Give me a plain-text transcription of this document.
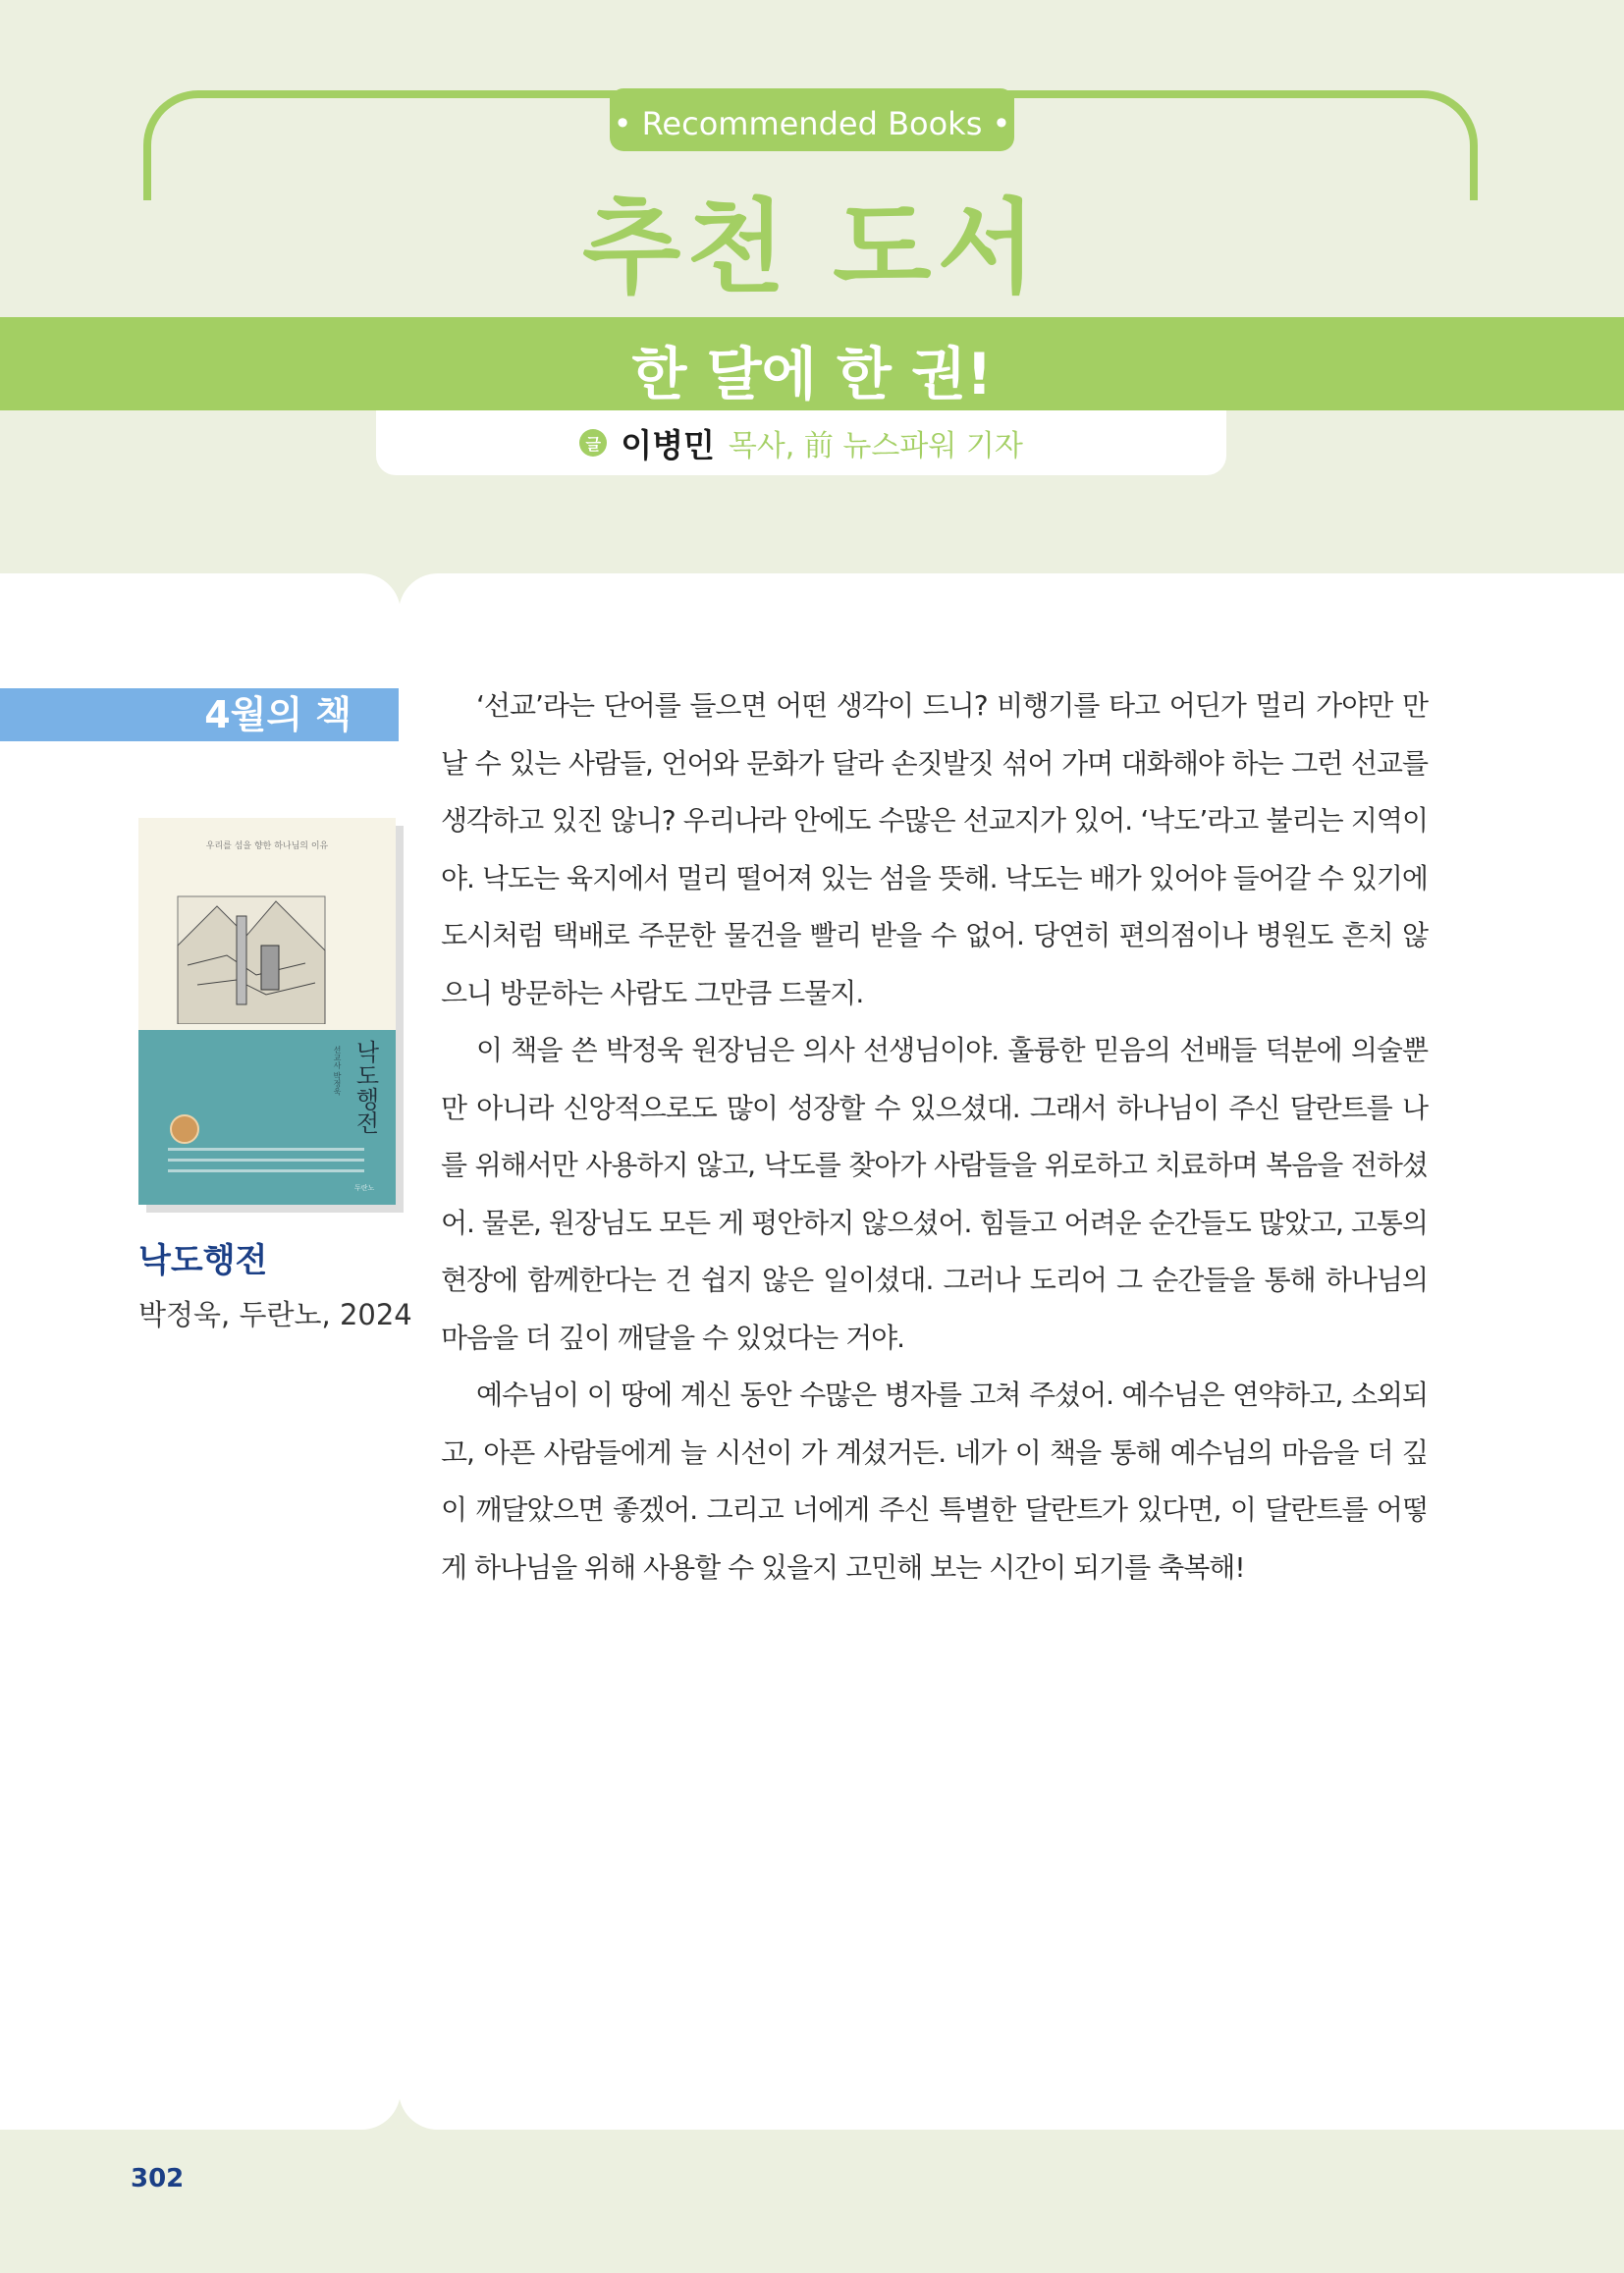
• Recommended Books •
추천 도서
한 달에 한 권!
글 이병민 목사, 前 뉴스파워 기자
4월의 책
우리를 섬을 향한 하나님의 이유
낙도행전
선교사 박정욱
두란노
낙도행전
박정욱, 두란노, 2024

‘선교’라는 단어를 들으면 어떤 생각이 드니? 비행기를 타고 어딘가 멀리 가야만 만날 수 있는 사람들, 언어와 문화가 달라 손짓발짓 섞어 가며 대화해야 하는 그런 선교를 생각하고 있진 않니? 우리나라 안에도 수많은 선교지가 있어. ‘낙도’라고 불리는 지역이야. 낙도는 육지에서 멀리 떨어져 있는 섬을 뜻해. 낙도는 배가 있어야 들어갈 수 있기에 도시처럼 택배로 주문한 물건을 빨리 받을 수 없어. 당연히 편의점이나 병원도 흔치 않으니 방문하는 사람도 그만큼 드물지.

이 책을 쓴 박정욱 원장님은 의사 선생님이야. 훌륭한 믿음의 선배들 덕분에 의술뿐만 아니라 신앙적으로도 많이 성장할 수 있으셨대. 그래서 하나님이 주신 달란트를 나를 위해서만 사용하지 않고, 낙도를 찾아가 사람들을 위로하고 치료하며 복음을 전하셨어. 물론, 원장님도 모든 게 평안하지 않으셨어. 힘들고 어려운 순간들도 많았고, 고통의 현장에 함께한다는 건 쉽지 않은 일이셨대. 그러나 도리어 그 순간들을 통해 하나님의 마음을 더 깊이 깨달을 수 있었다는 거야.

예수님이 이 땅에 계신 동안 수많은 병자를 고쳐 주셨어. 예수님은 연약하고, 소외되고, 아픈 사람들에게 늘 시선이 가 계셨거든. 네가 이 책을 통해 예수님의 마음을 더 깊이 깨달았으면 좋겠어. 그리고 너에게 주신 특별한 달란트가 있다면, 이 달란트를 어떻게 하나님을 위해 사용할 수 있을지 고민해 보는 시간이 되기를 축복해!

302
